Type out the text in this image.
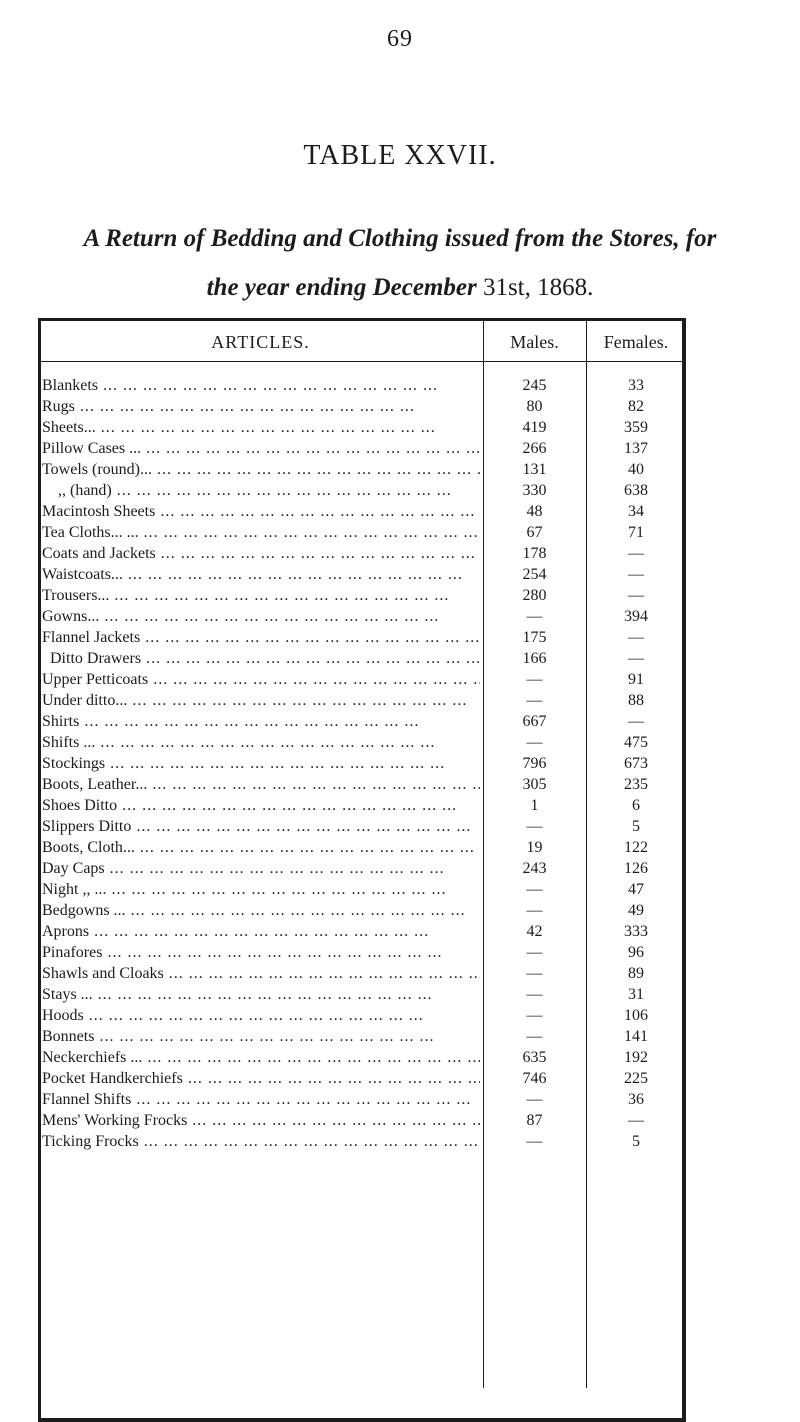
69
TABLE XXVII.
A Return of Bedding and Clothing issued from the Stores, for
the year ending December 31st, 1868.
ARTICLES.	Males.	Females.
Blankets ... .	245	33
Rugs ... .	80	82
Sheets... ... .	419	359
Pillow Cases ... ... .	266	137
Towels (round)... ... .	131	40
,, (hand) ... .	330	638
Macintosh Sheets ... .	48	34
Tea Cloths... ... ... .	67	71
Coats and Jackets ... .	178	—
Waistcoats... ... .	254	—
Trousers... ... .	280	—
Gowns... ... .	—	394
Flannel Jackets ... .	175	—
Ditto Drawers ... .	166	—
Upper Petticoats ... .	—	91
Under ditto... ... .	—	88
Shirts ... .	667	—
Shifts ... ... .	—	475
Stockings ... .	796	673
Boots, Leather... ... .	305	235
Shoes Ditto ... .	1	6
Slippers Ditto ... .	—	5
Boots, Cloth... ... .	19	122
Day Caps ... .	243	126
Night ,, ... ... .	—	47
Bedgowns ... ... .	—	49
Aprons ... .	42	333
Pinafores ... .	—	96
Shawls and Cloaks ... .	—	89
Stays ... ... .	—	31
Hoods ... .	—	106
Bonnets ... .	—	141
Neckerchiefs ... ... .	635	192
Pocket Handkerchiefs ... .	746	225
Flannel Shifts ... .	—	36
Mens' Working Frocks ... .	87	—
Ticking Frocks ... .	—	5
